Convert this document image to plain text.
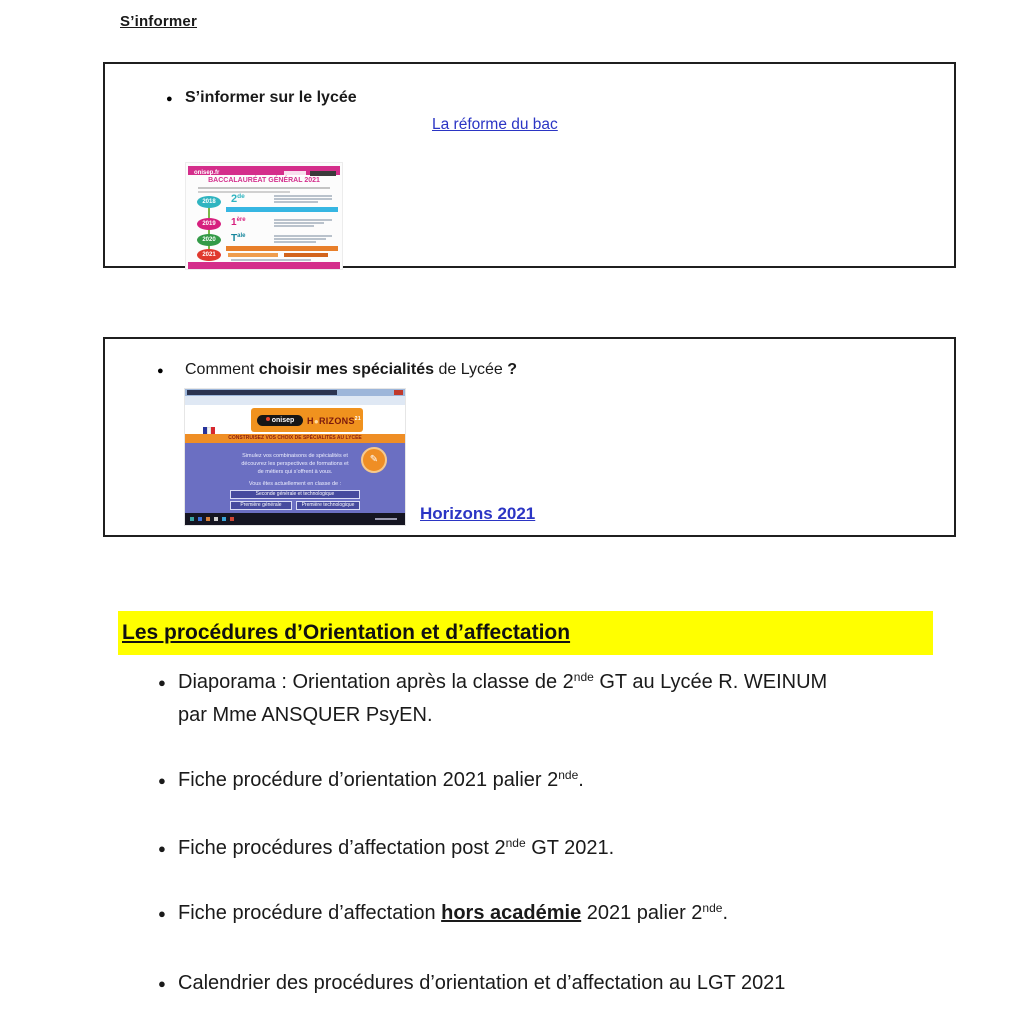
S’informer
● S’informer sur le lycée
La réforme du bac
onisep.fr
BACCALAURÉAT GÉNÉRAL 2021
2018
2019
2020
2021
2de
1ère
$T^{ale}$
● Comment choisir mes spécialités de Lycée ?
Horizons 2021
onisep	H●RIZONS$^{21}$
CONSTRUISEZ VOS CHOIX DE SPÉCIALITÉS AU LYCÉE
✎
Simulez vos combinaisons de spécialités et
découvrez les perspectives de formations et
de métiers qui s’offrent à vous.
Vous êtes actuellement en classe de :
Seconde générale et technologique
Première générale	Première technologique
Les procédures d’Orientation et d’affectation
● Diaporama : Orientation après la classe de 2nde GT au Lycée R. WEINUM
par Mme ANSQUER PsyEN.
● Fiche procédure d’orientation 2021 palier 2nde.
● Fiche procédures d’affectation post 2nde GT 2021.
● Fiche procédure d’affectation hors académie 2021 palier 2nde.
● Calendrier des procédures d’orientation et d’affectation au LGT 2021
